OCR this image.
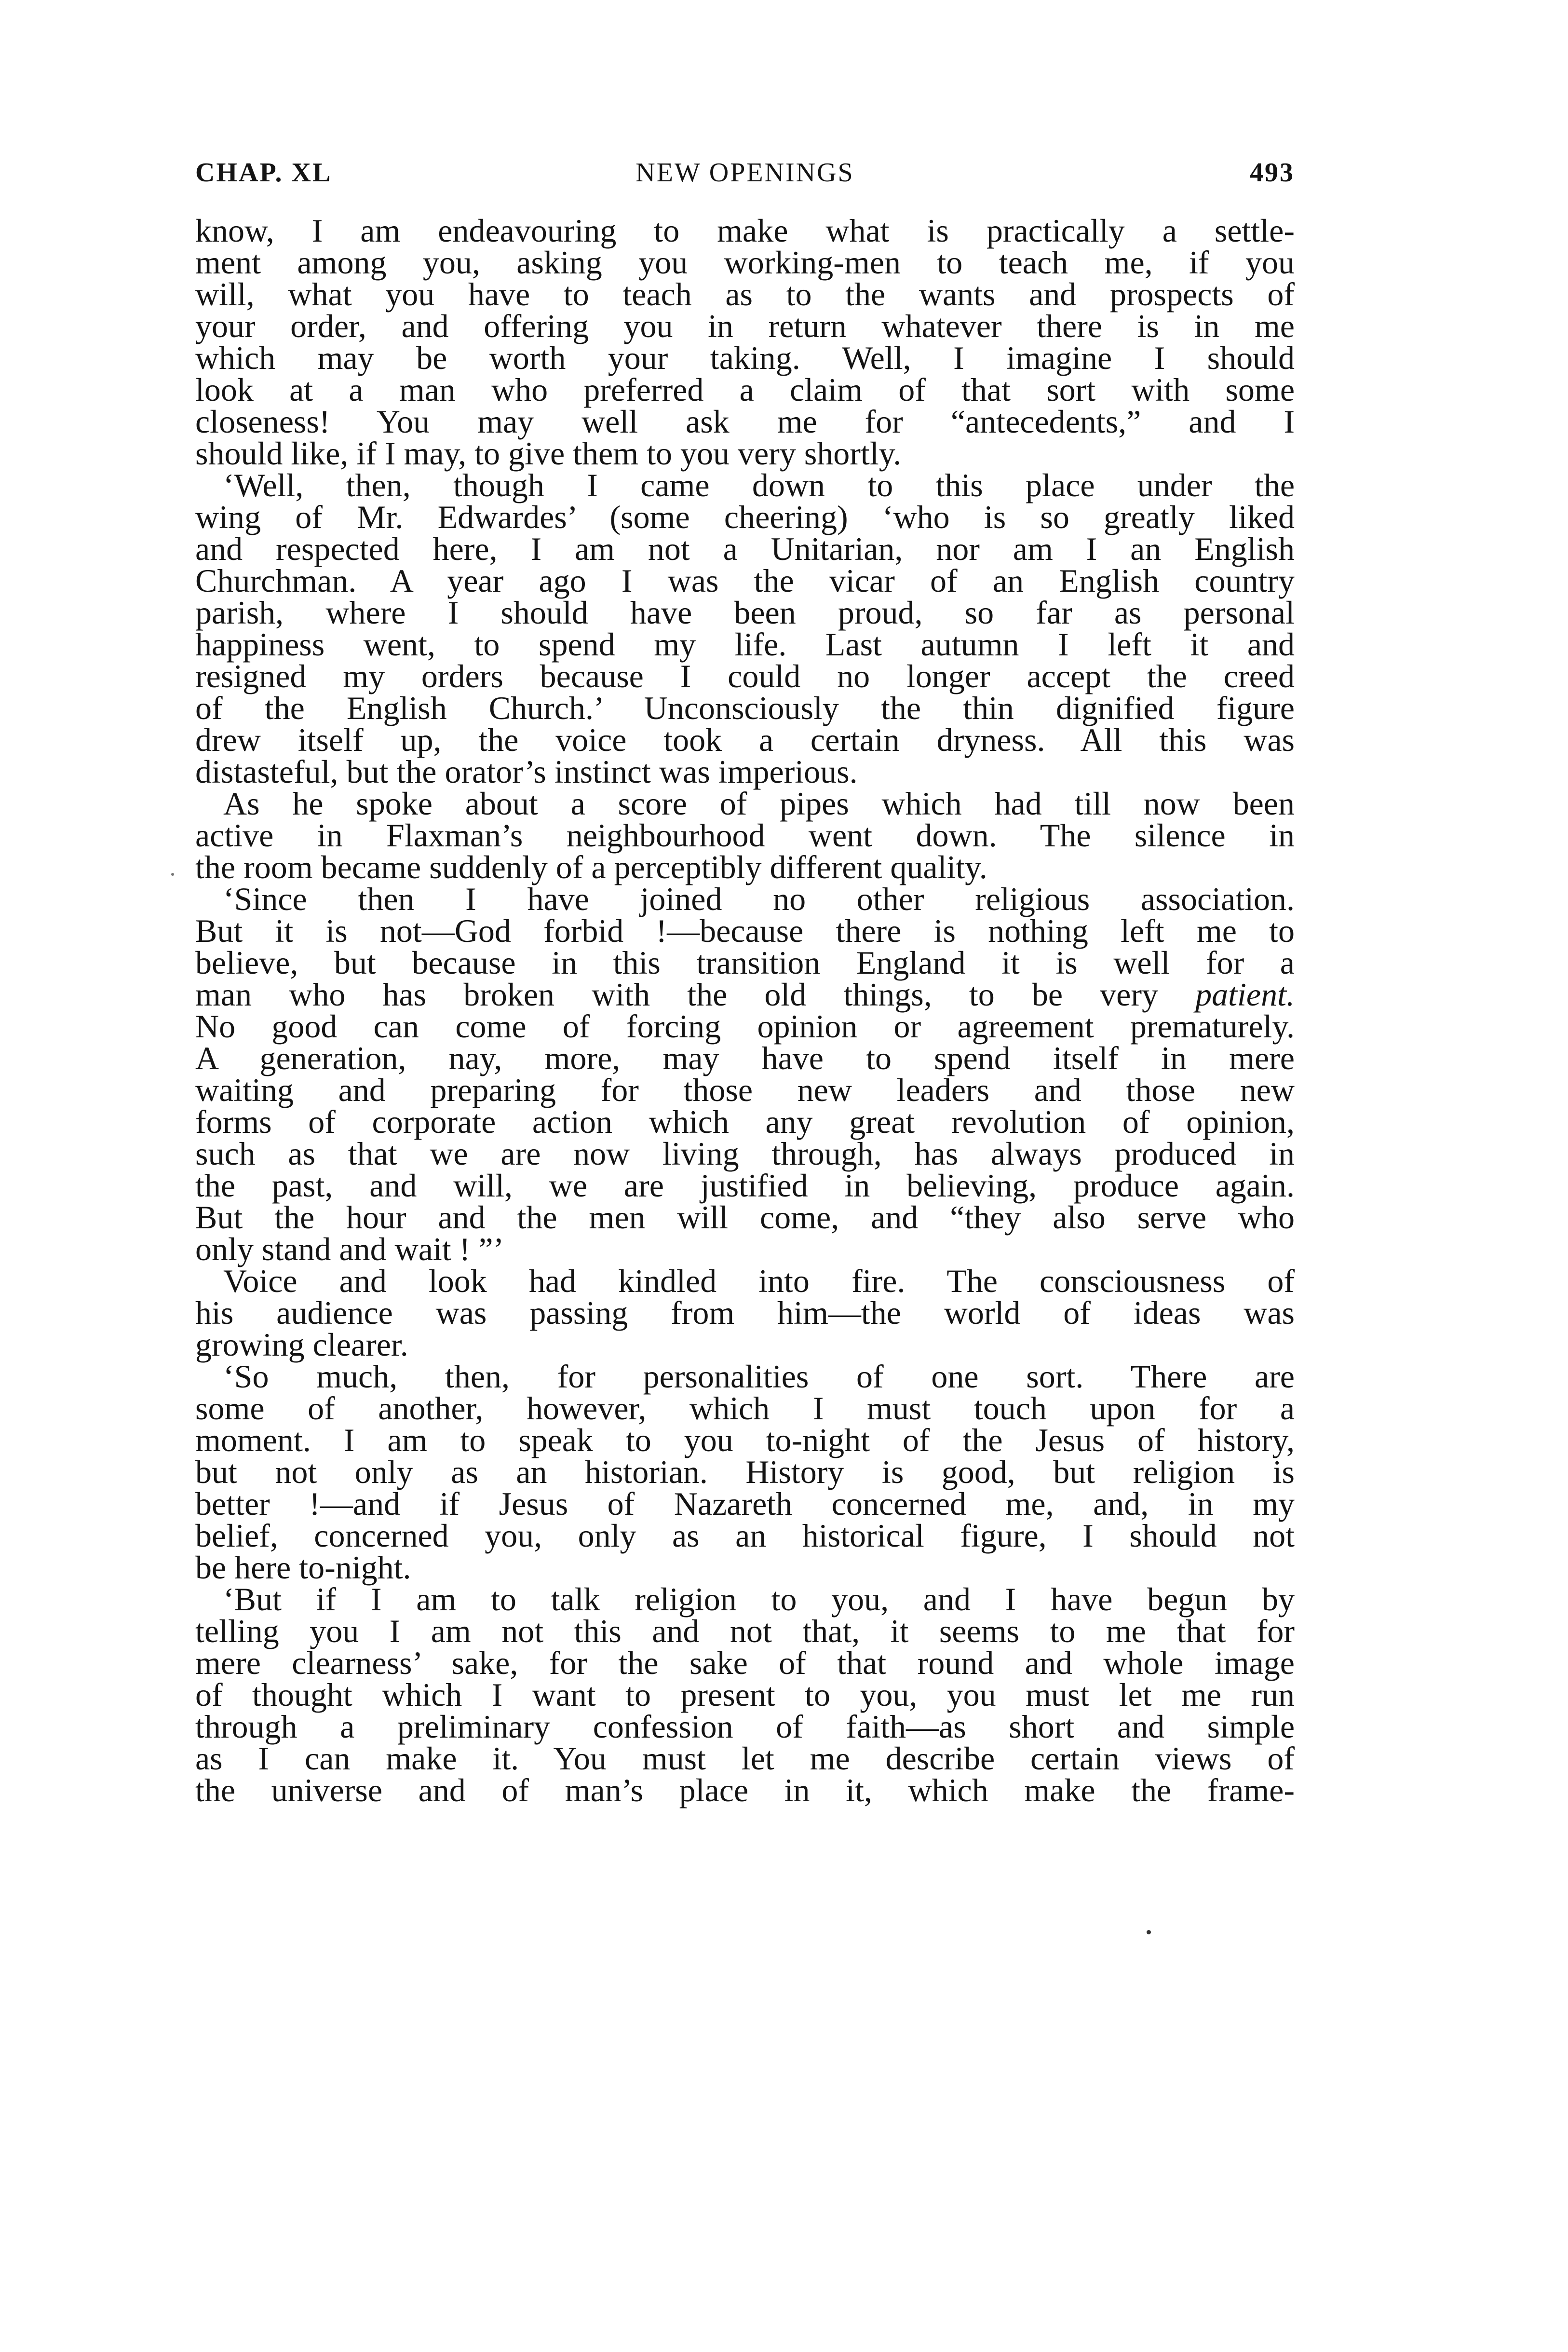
CHAP. XL	NEW OPENINGS	493
know, I am endeavouring to make what is practically a settle-
ment among you, asking you working-men to teach me, if you
will, what you have to teach as to the wants and prospects of
your order, and offering you in return whatever there is in me
which may be worth your taking. Well, I imagine I should
look at a man who preferred a claim of that sort with some
closeness! You may well ask me for “antecedents,” and I
should like, if I may, to give them to you very shortly.
‘Well, then, though I came down to this place under the
wing of Mr. Edwardes’ (some cheering) ‘who is so greatly liked
and respected here, I am not a Unitarian, nor am I an English
Churchman. A year ago I was the vicar of an English country
parish, where I should have been proud, so far as personal
happiness went, to spend my life. Last autumn I left it and
resigned my orders because I could no longer accept the creed
of the English Church.’ Unconsciously the thin dignified figure
drew itself up, the voice took a certain dryness. All this was
distasteful, but the orator’s instinct was imperious.
As he spoke about a score of pipes which had till now been
active in Flaxman’s neighbourhood went down. The silence in
the room became suddenly of a perceptibly different quality.
‘Since then I have joined no other religious association.
But it is not—God forbid !—because there is nothing left me to
believe, but because in this transition England it is well for a
man who has broken with the old things, to be very patient.
No good can come of forcing opinion or agreement prematurely.
A generation, nay, more, may have to spend itself in mere
waiting and preparing for those new leaders and those new
forms of corporate action which any great revolution of opinion,
such as that we are now living through, has always produced in
the past, and will, we are justified in believing, produce again.
But the hour and the men will come, and “they also serve who
only stand and wait ! ”’
Voice and look had kindled into fire. The consciousness of
his audience was passing from him—the world of ideas was
growing clearer.
‘So much, then, for personalities of one sort. There are
some of another, however, which I must touch upon for a
moment. I am to speak to you to-night of the Jesus of history,
but not only as an historian. History is good, but religion is
better !—and if Jesus of Nazareth concerned me, and, in my
belief, concerned you, only as an historical figure, I should not
be here to-night.
‘But if I am to talk religion to you, and I have begun by
telling you I am not this and not that, it seems to me that for
mere clearness’ sake, for the sake of that round and whole image
of thought which I want to present to you, you must let me run
through a preliminary confession of faith—as short and simple
as I can make it. You must let me describe certain views of
the universe and of man’s place in it, which make the frame-
